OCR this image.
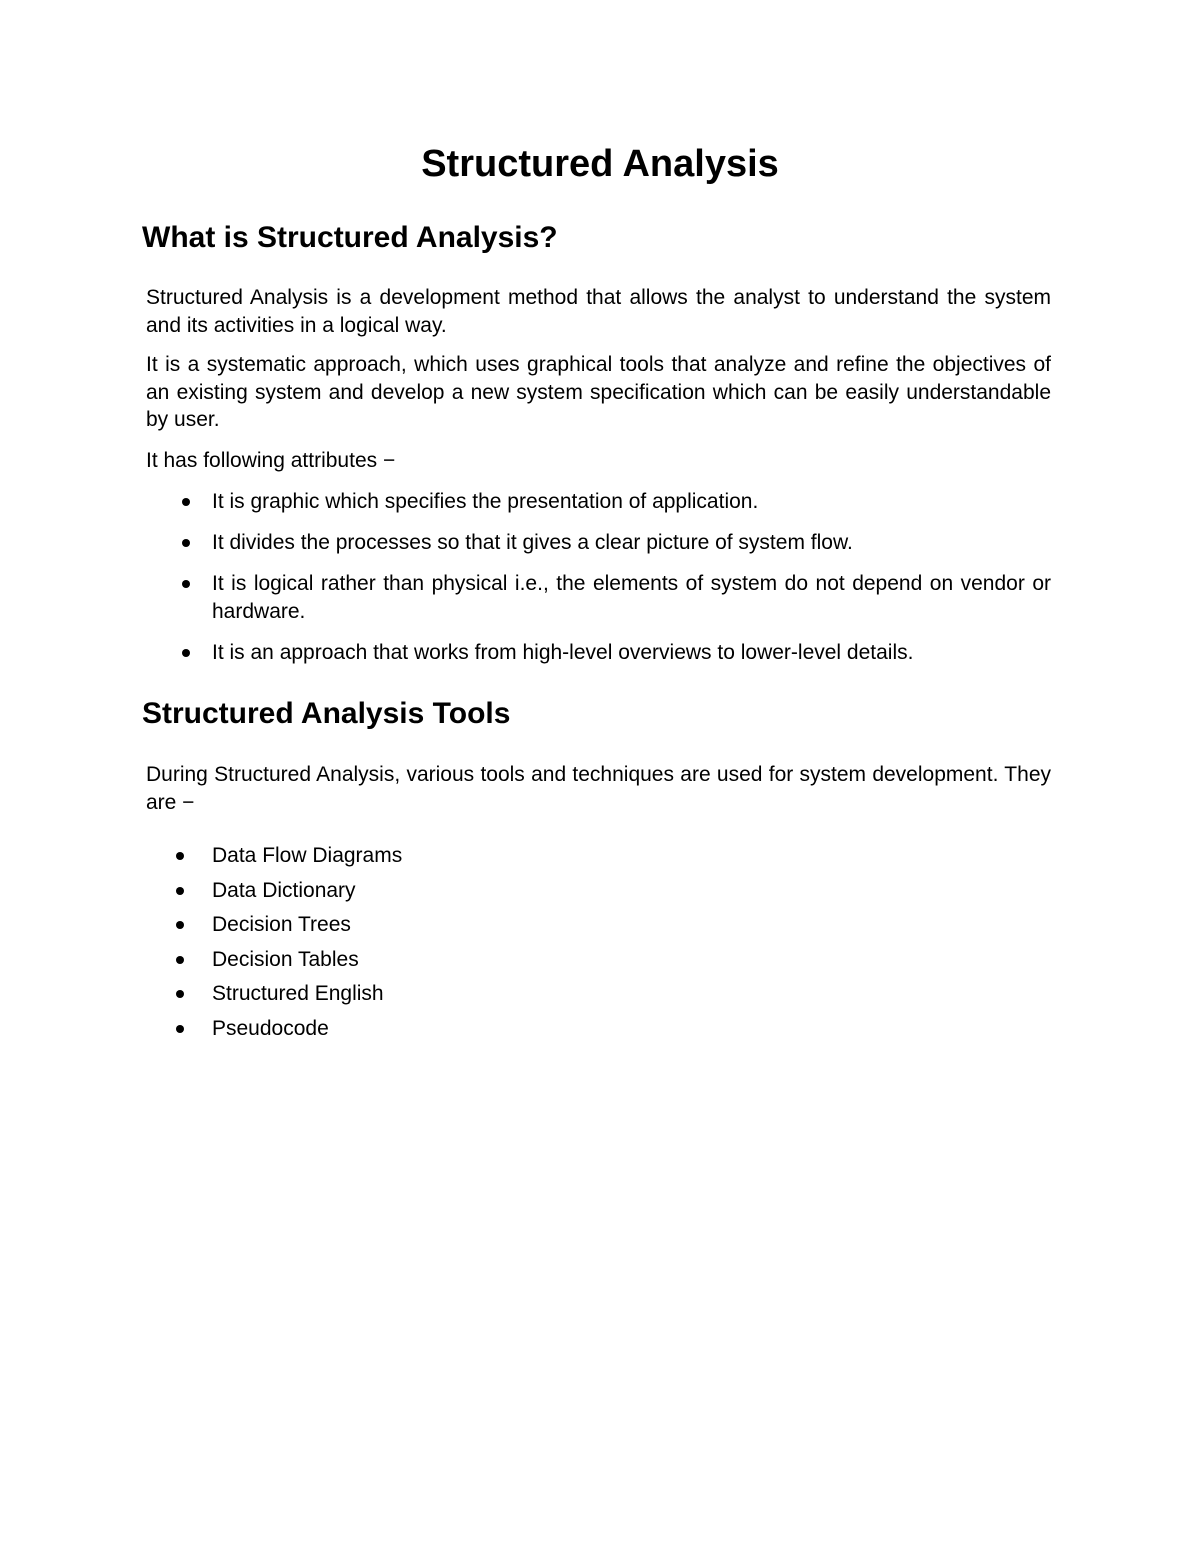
Structured Analysis
What is Structured Analysis?

Structured Analysis is a development method that allows the analyst to understand the system and its activities in a logical way.

It is a systematic approach, which uses graphical tools that analyze and refine the objectives of an existing system and develop a new system specification which can be easily understandable by user.

It has following attributes −

It is graphic which specifies the presentation of application.
It divides the processes so that it gives a clear picture of system flow.
It is logical rather than physical i.e., the elements of system do not depend on vendor or hardware.
It is an approach that works from high-level overviews to lower-level details.
Structured Analysis Tools

During Structured Analysis, various tools and techniques are used for system development. They are −

Data Flow Diagrams
Data Dictionary
Decision Trees
Decision Tables
Structured English
Pseudocode
